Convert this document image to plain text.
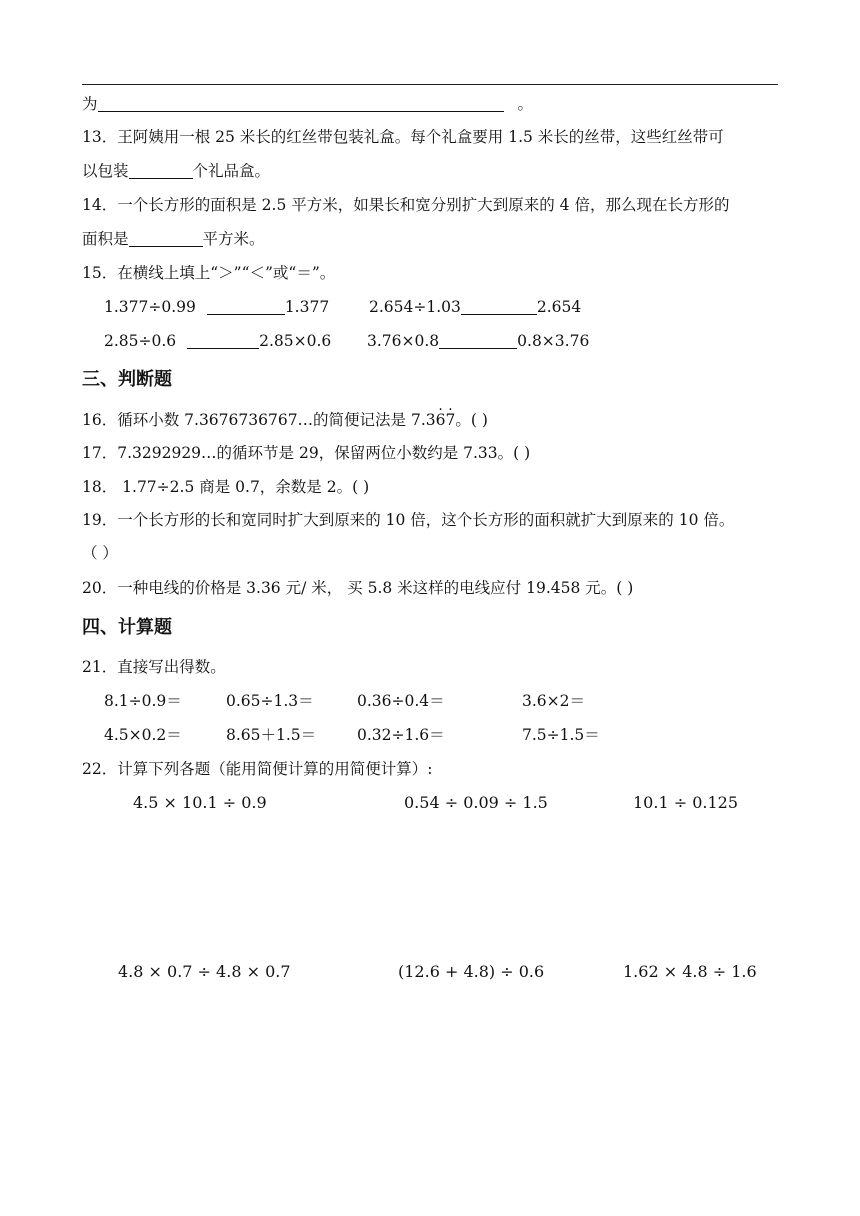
为	。
13．王阿姨用一根 25 米长的红丝带包装礼盒。每个礼盒要用 1.5 米长的丝带，这些红丝带可
以包装	个礼品盒。
14．一个长方形的面积是 2.5 平方米，如果长和宽分别扩大到原来的 4 倍，那么现在长方形的
面积是	平方米。
15．在横线上填上“＞”“＜”或“＝”。
1.377÷0.99	1.377	2.654÷1.03	2.654
2.85÷0.6	2.85×0.6 3.76×0.8	0.8×3.76
三、判断题
16．循环小数 7.3676736767…的简便记法是 7.3· 6· 7。( )
17．7.3292929…的循环节是 29，保留两位小数约是 7.33。( )
18． 1.77÷2.5 商是 0.7，余数是 2。( )
19．一个长方形的长和宽同时扩大到原来的 10 倍，这个长方形的面积就扩大到原来的 10 倍。
（ ）
20．一种电线的价格是 3.36 元/ 米， 买 5.8 米这样的电线应付 19.458 元。( )
四、计算题
21．直接写出得数。
8.1÷0.9＝	0.65÷1.3＝	0.36÷0.4＝	3.6×2＝
4.5×0.2＝	8.65＋1.5＝	0.32÷1.6＝	7.5÷1.5＝
22．计算下列各题（能用简便计算的用简便计算）:
4.5 × 10.1 ÷ 0.9	0.54 ÷ 0.09 ÷ 1.5	10.1 ÷ 0.125
4.8 × 0.7 ÷ 4.8 × 0.7	(12.6 + 4.8) ÷ 0.6	1.62 × 4.8 ÷ 1.6
